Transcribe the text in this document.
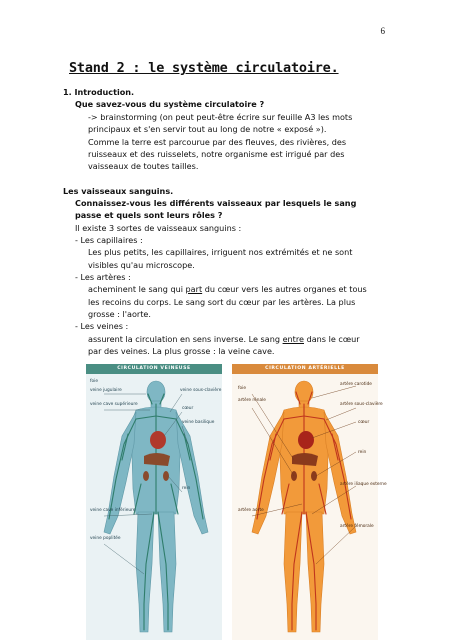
6
Stand 2 : le système circulatoire.
1. Introduction.
Que savez-vous du système circulatoire ?
-> brainstorming (on peut peut-être écrire sur feuille A3 les mots
principaux et s'en servir tout au long de notre « exposé »).
Comme la terre est parcourue par des fleuves, des rivières, des
ruisseaux et des ruisselets, notre organisme est irrigué par des
vaisseaux de toutes tailles.
Les vaisseaux sanguins.
Connaissez-vous les différents vaisseaux par lesquels le sang
passe et quels sont leurs rôles ?
Il existe 3 sortes de vaisseaux sanguins :
- Les capillaires :
Les plus petits, les capillaires, irriguent nos extrémités et ne sont
visibles qu'au microscope.
- Les artères :
acheminent le sang qui part du cœur vers les autres organes et tous
les recoins du corps. Le sang sort du cœur par les artères. La plus
grosse : l'aorte.
- Les veines :
assurent la circulation en sens inverse. Le sang entre dans le cœur
par des veines. La plus grosse : la veine cave.
CIRCULATION VEINEUSE
foie
veine jugulaire
veine cave supérieure
veine sous-clavière
cœur
veine basilique
rein
veine cave inférieure
veine poplitée
CIRCULATION ARTÉRIELLE
foie
artère rénale
artère carotide
artère sous-clavière
cœur
rein
artère aorte
artère iliaque externe
artère fémorale
